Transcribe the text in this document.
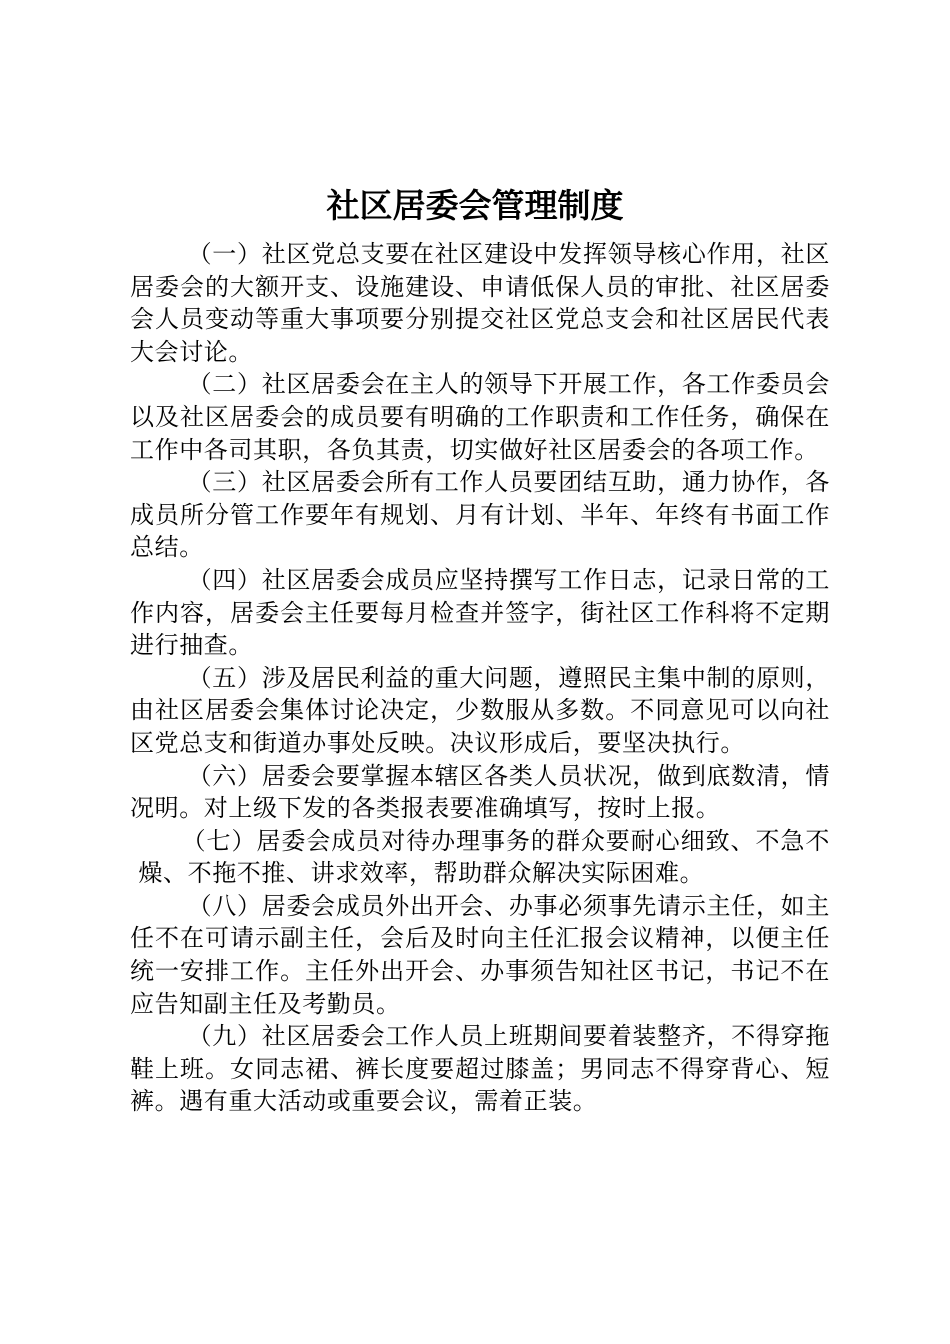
社区居委会管理制度

（一）社区党总支要在社区建设中发挥领导核心作用，社区居委会的大额开支、设施建设、申请低保人员的审批、社区居委会人员变动等重大事项要分别提交社区党总支会和社区居民代表大会讨论。

（二）社区居委会在主人的领导下开展工作，各工作委员会以及社区居委会的成员要有明确的工作职责和工作任务，确保在工作中各司其职，各负其责，切实做好社区居委会的各项工作。

（三）社区居委会所有工作人员要团结互助，通力协作，各成员所分管工作要年有规划、月有计划、半年、年终有书面工作总结。

（四）社区居委会成员应坚持撰写工作日志，记录日常的工作内容，居委会主任要每月检查并签字，街社区工作科将不定期进行抽查。

（五）涉及居民利益的重大问题，遵照民主集中制的原则，由社区居委会集体讨论决定，少数服从多数。不同意见可以向社区党总支和街道办事处反映。决议形成后，要坚决执行。

（六）居委会要掌握本辖区各类人员状况，做到底数清，情况明。对上级下发的各类报表要准确填写，按时上报。

（七）居委会成员对待办理事务的群众要耐心细致、不急不燥、不拖不推、讲求效率，帮助群众解决实际困难。

（八）居委会成员外出开会、办事必须事先请示主任，如主任不在可请示副主任，会后及时向主任汇报会议精神，以便主任统一安排工作。主任外出开会、办事须告知社区书记，书记不在应告知副主任及考勤员。

（九）社区居委会工作人员上班期间要着装整齐，不得穿拖鞋上班。女同志裙、裤长度要超过膝盖；男同志不得穿背心、短裤。遇有重大活动或重要会议，需着正装。
